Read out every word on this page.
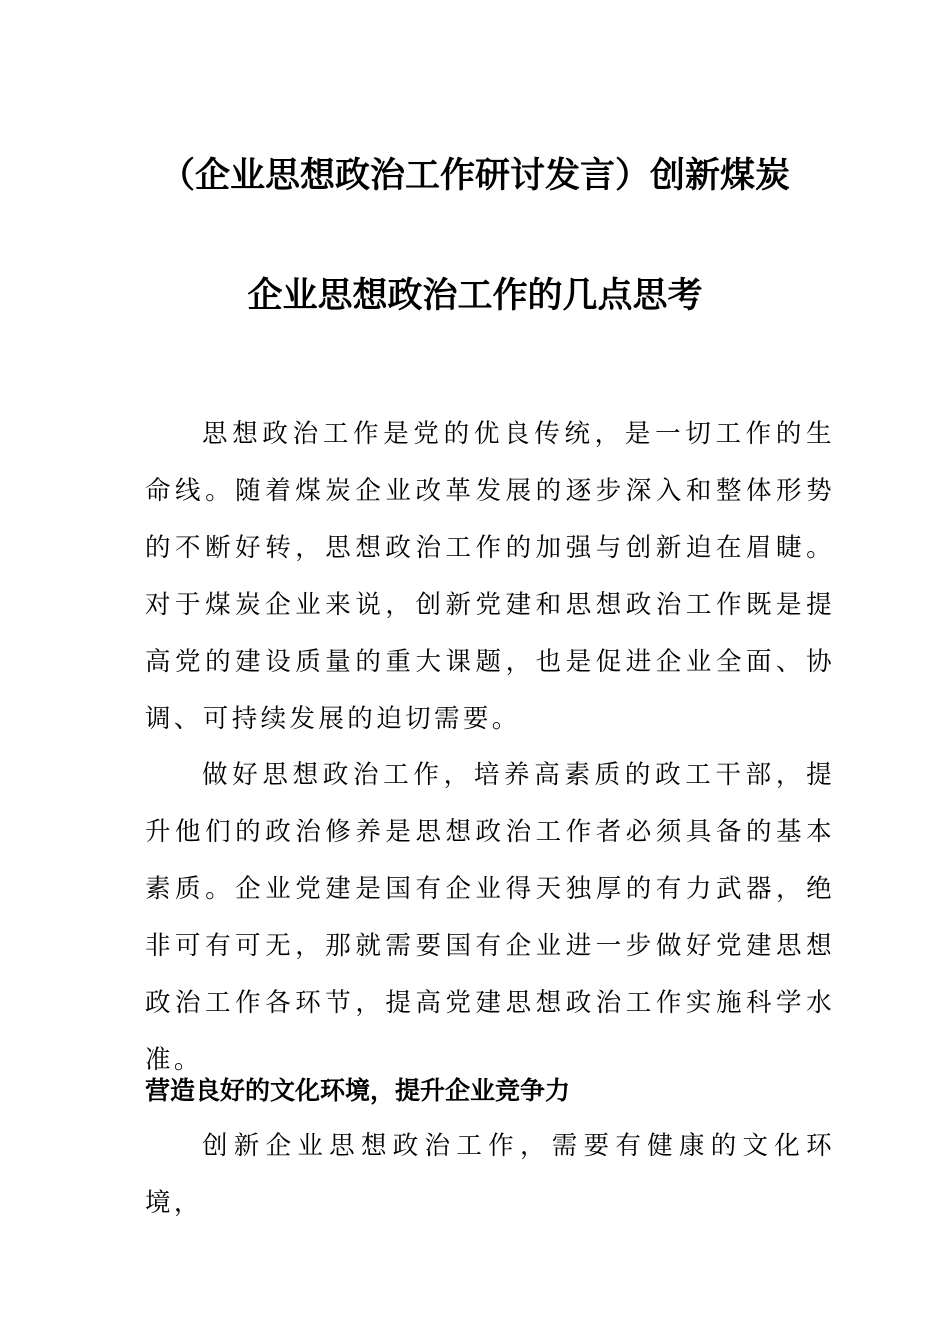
（企业思想政治工作研讨发言）创新煤炭
企业思想政治工作的几点思考

思想政治工作是党的优良传统，是一切工作的生命线。随着煤炭企业改革发展的逐步深入和整体形势的不断好转，思想政治工作的加强与创新迫在眉睫。对于煤炭企业来说，创新党建和思想政治工作既是提高党的建设质量的重大课题，也是促进企业全面、协调、可持续发展的迫切需要。

做好思想政治工作，培养高素质的政工干部，提升他们的政治修养是思想政治工作者必须具备的基本素质。企业党建是国有企业得天独厚的有力武器，绝非可有可无，那就需要国有企业进一步做好党建思想政治工作各环节，提高党建思想政治工作实施科学水准。

营造良好的文化环境，提升企业竞争力

创新企业思想政治工作，需要有健康的文化环境，
